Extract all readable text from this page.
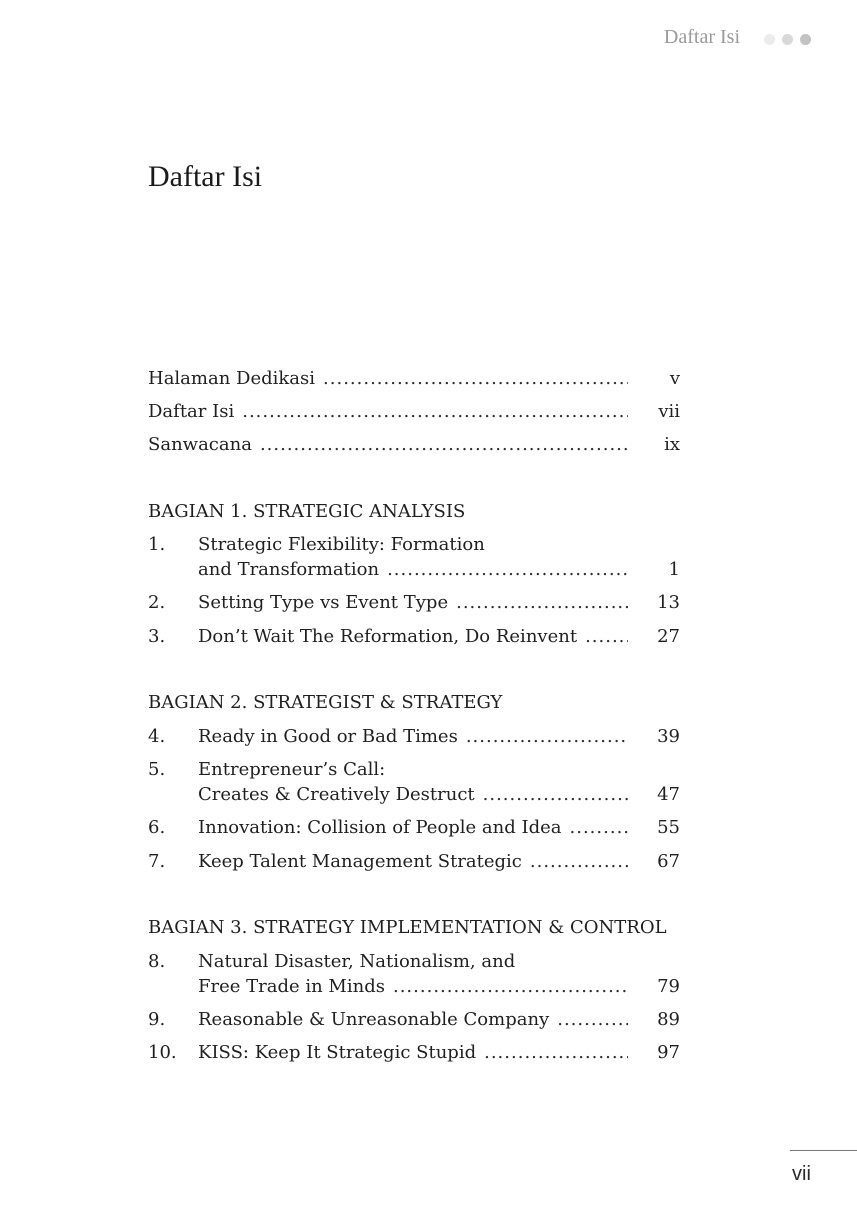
Daftar Isi
Daftar Isi
Halaman Dedikasi .....	v
Daftar Isi .....	vii
Sanwacana .....	ix
BAGIAN 1. STRATEGIC ANALYSIS
1. Strategic Flexibility: Formation
and Transformation .....	1
2. Setting Type vs Event Type .....	13
3. Don’t Wait The Reformation, Do Reinvent .....	27
BAGIAN 2. STRATEGIST & STRATEGY
4. Ready in Good or Bad Times .....	39
5. Entrepreneur’s Call:
Creates & Creatively Destruct .....	47
6. Innovation: Collision of People and Idea .....	55
7. Keep Talent Management Strategic .....	67
BAGIAN 3. STRATEGY IMPLEMENTATION & CONTROL
8. Natural Disaster, Nationalism, and
Free Trade in Minds .....	79
9. Reasonable & Unreasonable Company .....	89
10. KISS: Keep It Strategic Stupid .....	97
vii
